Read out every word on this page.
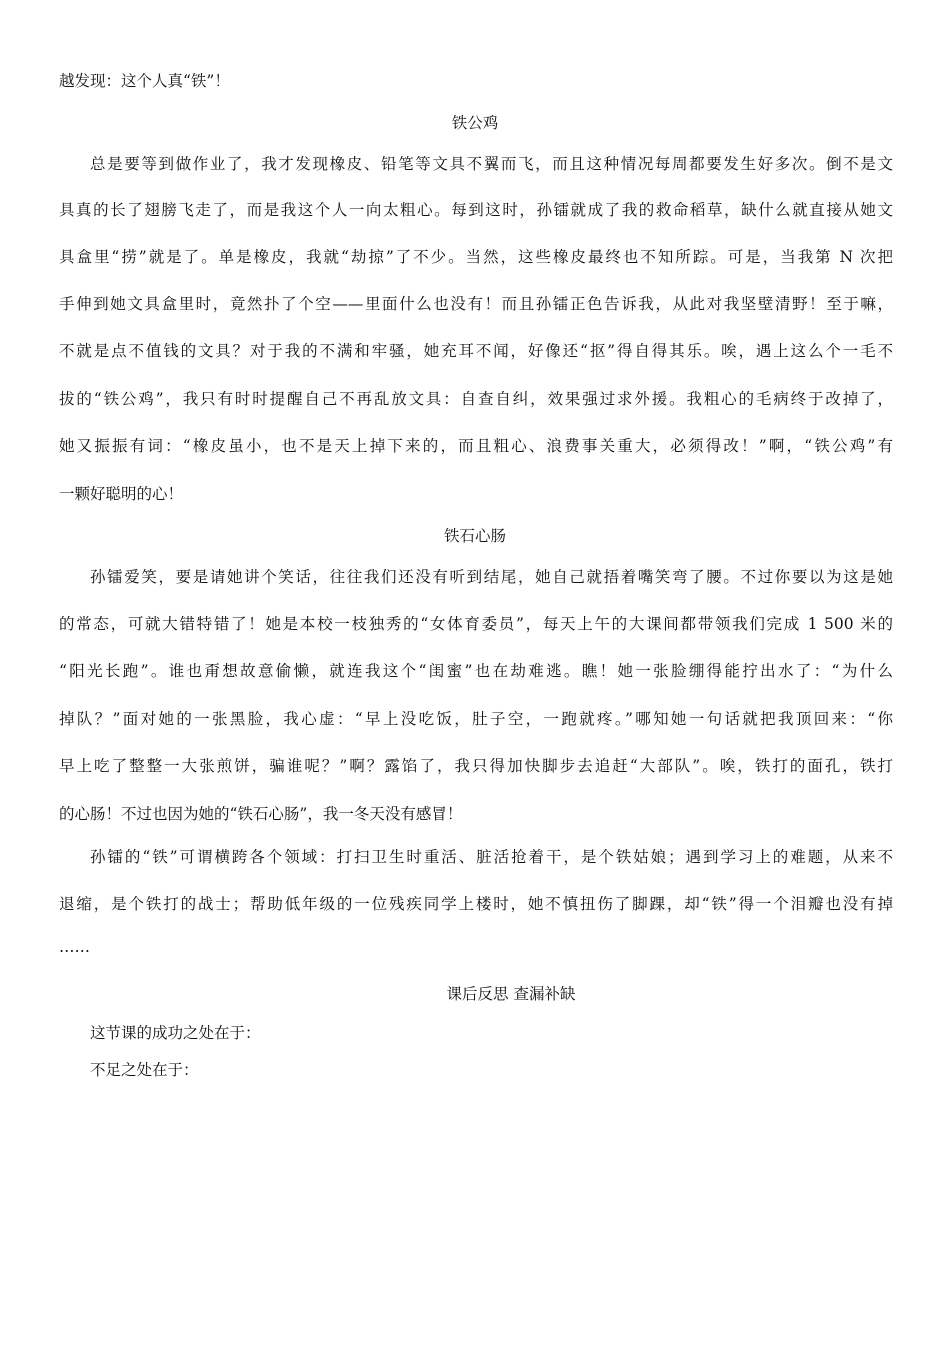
越发现：这个人真“铁”！
铁公鸡
总是要等到做作业了，我才发现橡皮、铅笔等文具不翼而飞，而且这种情况每周都要发生好多次。倒不是文
具真的长了翅膀飞走了，而是我这个人一向太粗心。每到这时，孙镭就成了我的救命稻草，缺什么就直接从她文
具盒里“捞”就是了。单是橡皮，我就“劫掠”了不少。当然，这些橡皮最终也不知所踪。可是，当我第 N 次把
手伸到她文具盒里时，竟然扑了个空——里面什么也没有！而且孙镭正色告诉我，从此对我坚壁清野！至于嘛，
不就是点不值钱的文具？对于我的不满和牢骚，她充耳不闻，好像还“抠”得自得其乐。唉，遇上这么个一毛不
拔的“铁公鸡”，我只有时时提醒自己不再乱放文具：自查自纠，效果强过求外援。我粗心的毛病终于改掉了，
她又振振有词：“橡皮虽小，也不是天上掉下来的，而且粗心、浪费事关重大，必须得改！”啊，“铁公鸡”有
一颗好聪明的心！
铁石心肠
孙镭爱笑，要是请她讲个笑话，往往我们还没有听到结尾，她自己就捂着嘴笑弯了腰。不过你要以为这是她
的常态，可就大错特错了！她是本校一枝独秀的“女体育委员”，每天上午的大课间都带领我们完成 1 500 米的
“阳光长跑”。谁也甭想故意偷懒，就连我这个“闺蜜”也在劫难逃。瞧！她一张脸绷得能拧出水了：“为什么
掉队？”面对她的一张黑脸，我心虚：“早上没吃饭，肚子空，一跑就疼。”哪知她一句话就把我顶回来：“你
早上吃了整整一大张煎饼，骗谁呢？”啊？露馅了，我只得加快脚步去追赶“大部队”。唉，铁打的面孔，铁打
的心肠！不过也因为她的“铁石心肠”，我一冬天没有感冒！
孙镭的“铁”可谓横跨各个领域：打扫卫生时重活、脏活抢着干，是个铁姑娘；遇到学习上的难题，从来不
退缩，是个铁打的战士；帮助低年级的一位残疾同学上楼时，她不慎扭伤了脚踝，却“铁”得一个泪瓣也没有掉
……
课后反思 查漏补缺
这节课的成功之处在于：
不足之处在于：
